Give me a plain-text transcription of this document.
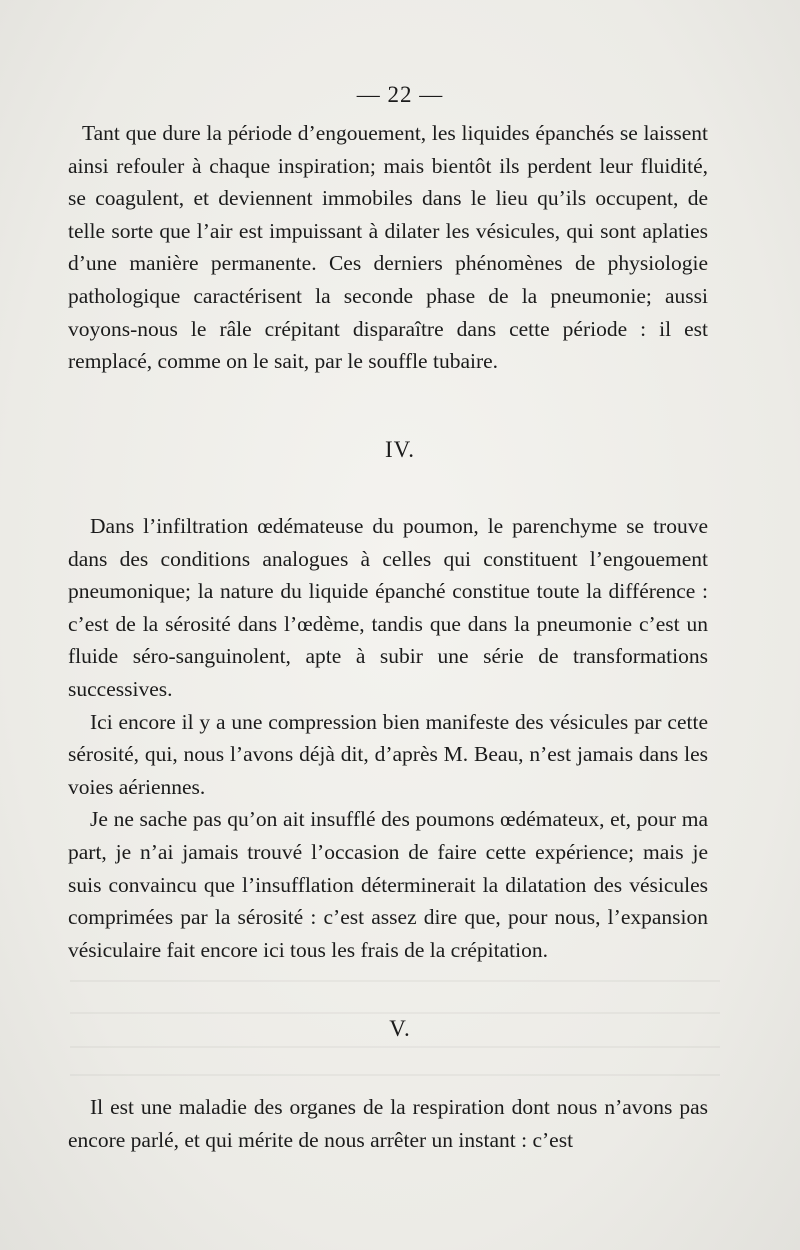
— 22 —

Tant que dure la période d’engouement, les liquides épanchés se laissent ainsi refouler à chaque inspiration; mais bientôt ils perdent leur fluidité, se coagulent, et deviennent immobiles dans le lieu qu’ils occupent, de telle sorte que l’air est impuissant à dilater les vésicules, qui sont aplaties d’une manière permanente. Ces derniers phénomènes de physiologie pathologique caractérisent la seconde phase de la pneumonie; aussi voyons-nous le râle crépitant disparaître dans cette période : il est remplacé, comme on le sait, par le souffle tubaire.

IV.

Dans l’infiltration œdémateuse du poumon, le parenchyme se trouve dans des conditions analogues à celles qui constituent l’engouement pneumonique; la nature du liquide épanché constitue toute la différence : c’est de la sérosité dans l’œdème, tandis que dans la pneumonie c’est un fluide séro-sanguinolent, apte à subir une série de transformations successives.

Ici encore il y a une compression bien manifeste des vésicules par cette sérosité, qui, nous l’avons déjà dit, d’après M. Beau, n’est jamais dans les voies aériennes.

Je ne sache pas qu’on ait insufflé des poumons œdémateux, et, pour ma part, je n’ai jamais trouvé l’occasion de faire cette expérience; mais je suis convaincu que l’insufflation déterminerait la dilatation des vésicules comprimées par la sérosité : c’est assez dire que, pour nous, l’expansion vésiculaire fait encore ici tous les frais de la crépitation.

V.

Il est une maladie des organes de la respiration dont nous n’avons pas encore parlé, et qui mérite de nous arrêter un instant : c’est
